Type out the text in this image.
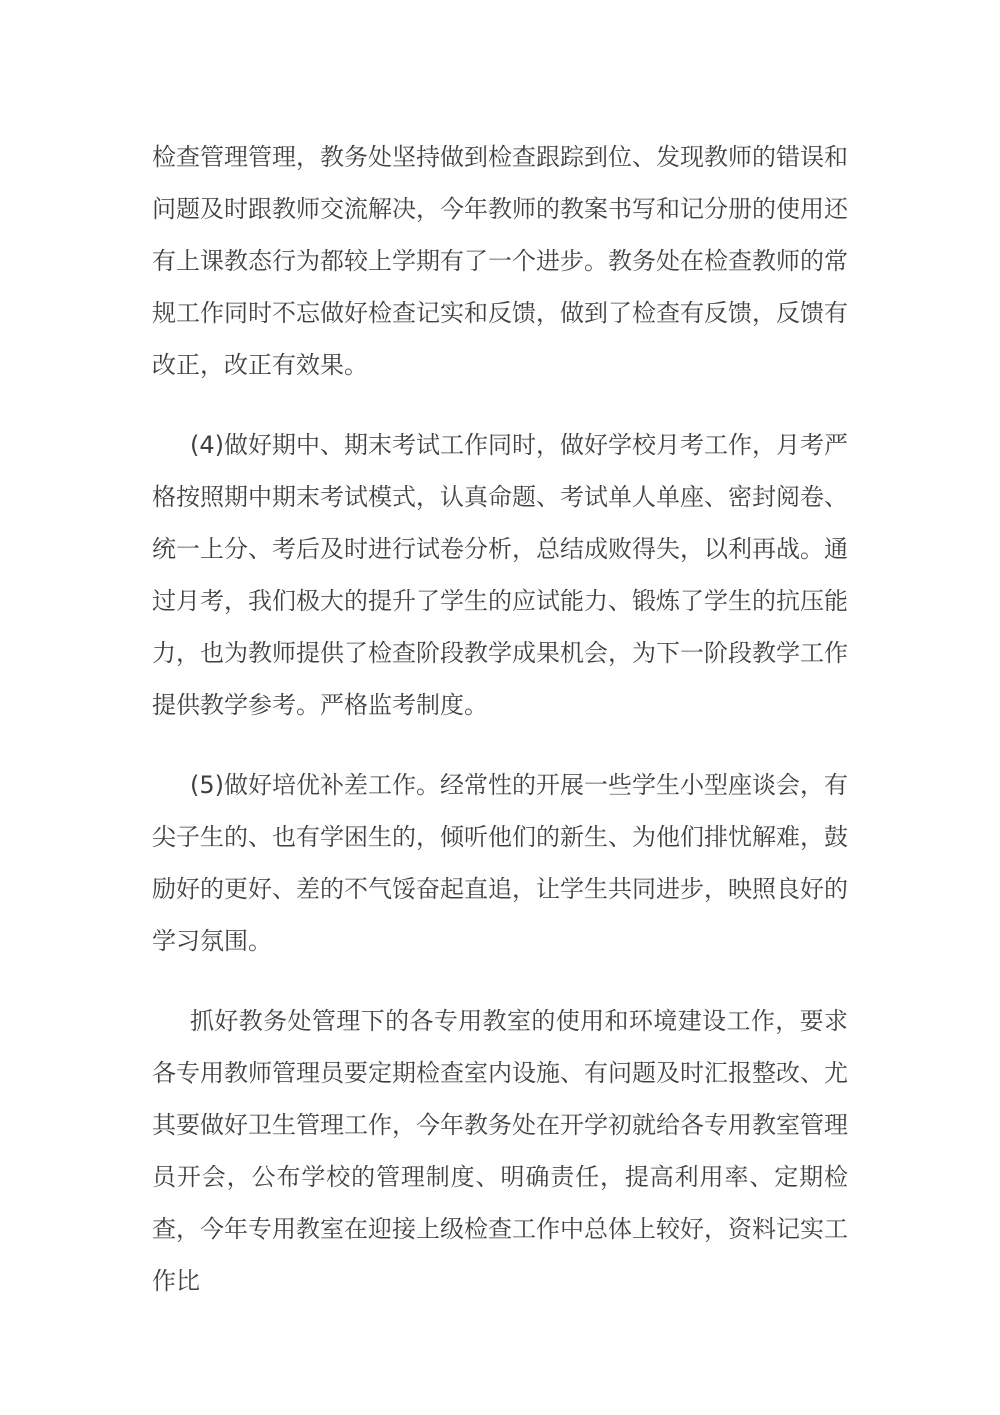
检查管理管理，教务处坚持做到检查跟踪到位、发现教师的错误和问题及时跟教师交流解决，今年教师的教案书写和记分册的使用还有上课教态行为都较上学期有了一个进步。教务处在检查教师的常规工作同时不忘做好检查记实和反馈，做到了检查有反馈，反馈有改正，改正有效果。

(4)做好期中、期末考试工作同时，做好学校月考工作，月考严格按照期中期末考试模式，认真命题、考试单人单座、密封阅卷、统一上分、考后及时进行试卷分析，总结成败得失，以利再战。通过月考，我们极大的提升了学生的应试能力、锻炼了学生的抗压能力，也为教师提供了检查阶段教学成果机会，为下一阶段教学工作提供教学参考。严格监考制度。

(5)做好培优补差工作。经常性的开展一些学生小型座谈会，有尖子生的、也有学困生的，倾听他们的新生、为他们排忧解难，鼓励好的更好、差的不气馁奋起直追，让学生共同进步，映照良好的学习氛围。

抓好教务处管理下的各专用教室的使用和环境建设工作，要求各专用教师管理员要定期检查室内设施、有问题及时汇报整改、尤其要做好卫生管理工作，今年教务处在开学初就给各专用教室管理员开会，公布学校的管理制度、明确责任，提高利用率、定期检查，今年专用教室在迎接上级检查工作中总体上较好，资料记实工作比
